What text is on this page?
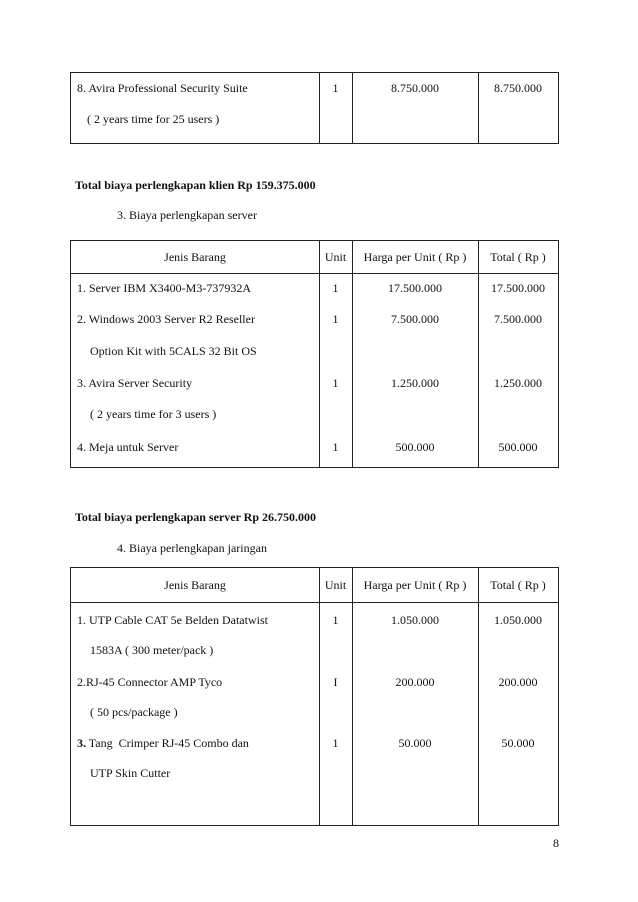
8. Avira Professional Security Suite
( 2 years time for 25 users )
1	8.750.000	8.750.000
Total biaya perlengkapan klien Rp 159.375.000
3. Biaya perlengkapan server
Jenis Barang	Unit	Harga per Unit ( Rp )	Total ( Rp )
1. Server IBM X3400-M3-737932A	1	17.500.000	17.500.000
2. Windows 2003 Server R2 Reseller
Option Kit with 5CALS 32 Bit OS
1	7.500.000	7.500.000
3. Avira Server Security
( 2 years time for 3 users )
1	1.250.000	1.250.000
4. Meja untuk Server	1	500.000	500.000
Total biaya perlengkapan server Rp 26.750.000
4. Biaya perlengkapan jaringan
Jenis Barang	Unit	Harga per Unit ( Rp )	Total ( Rp )
1. UTP Cable CAT 5e Belden Datatwist
1583A ( 300 meter/pack )
1	1.050.000	1.050.000
2.RJ-45 Connector AMP Tyco
( 50 pcs/package )
I	200.000	200.000
3. Tang  Crimper RJ-45 Combo dan
UTP Skin Cutter
1	50.000	50.000
8
